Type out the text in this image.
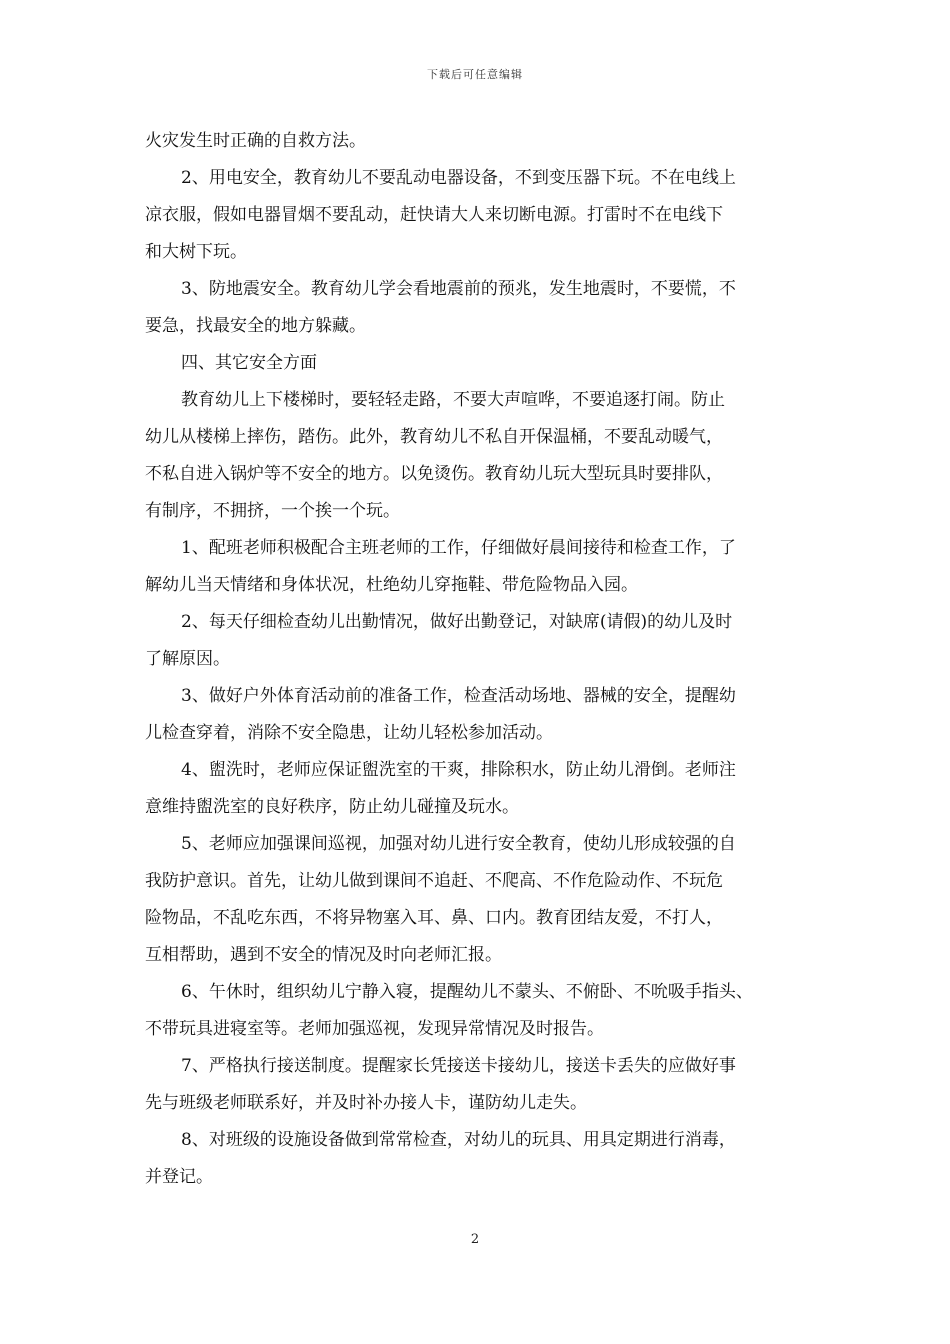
下载后可任意编辑
火灾发生时正确的自救方法。
2、用电安全，教育幼儿不要乱动电器设备，不到变压器下玩。不在电线上
凉衣服，假如电器冒烟不要乱动，赶快请大人来切断电源。打雷时不在电线下
和大树下玩。
3、防地震安全。教育幼儿学会看地震前的预兆，发生地震时，不要慌，不
要急，找最安全的地方躲藏。
四、其它安全方面
教育幼儿上下楼梯时，要轻轻走路，不要大声喧哗，不要追逐打闹。防止
幼儿从楼梯上摔伤，踏伤。此外，教育幼儿不私自开保温桶，不要乱动暖气，
不私自进入锅炉等不安全的地方。以免烫伤。教育幼儿玩大型玩具时要排队，
有制序，不拥挤，一个挨一个玩。
1、配班老师积极配合主班老师的工作，仔细做好晨间接待和检查工作，了
解幼儿当天情绪和身体状况，杜绝幼儿穿拖鞋、带危险物品入园。
2、每天仔细检查幼儿出勤情况，做好出勤登记，对缺席(请假)的幼儿及时
了解原因。
3、做好户外体育活动前的准备工作，检查活动场地、器械的安全，提醒幼
儿检查穿着，消除不安全隐患，让幼儿轻松参加活动。
4、盥洗时，老师应保证盥洗室的干爽，排除积水，防止幼儿滑倒。老师注
意维持盥洗室的良好秩序，防止幼儿碰撞及玩水。
5、老师应加强课间巡视，加强对幼儿进行安全教育，使幼儿形成较强的自
我防护意识。首先，让幼儿做到课间不追赶、不爬高、不作危险动作、不玩危
险物品，不乱吃东西，不将异物塞入耳、鼻、口内。教育团结友爱，不打人，
互相帮助，遇到不安全的情况及时向老师汇报。
6、午休时，组织幼儿宁静入寝，提醒幼儿不蒙头、不俯卧、不吮吸手指头、
不带玩具进寝室等。老师加强巡视，发现异常情况及时报告。
7、严格执行接送制度。提醒家长凭接送卡接幼儿，接送卡丢失的应做好事
先与班级老师联系好，并及时补办接人卡，谨防幼儿走失。
8、对班级的设施设备做到常常检查，对幼儿的玩具、用具定期进行消毒，
并登记。
2
